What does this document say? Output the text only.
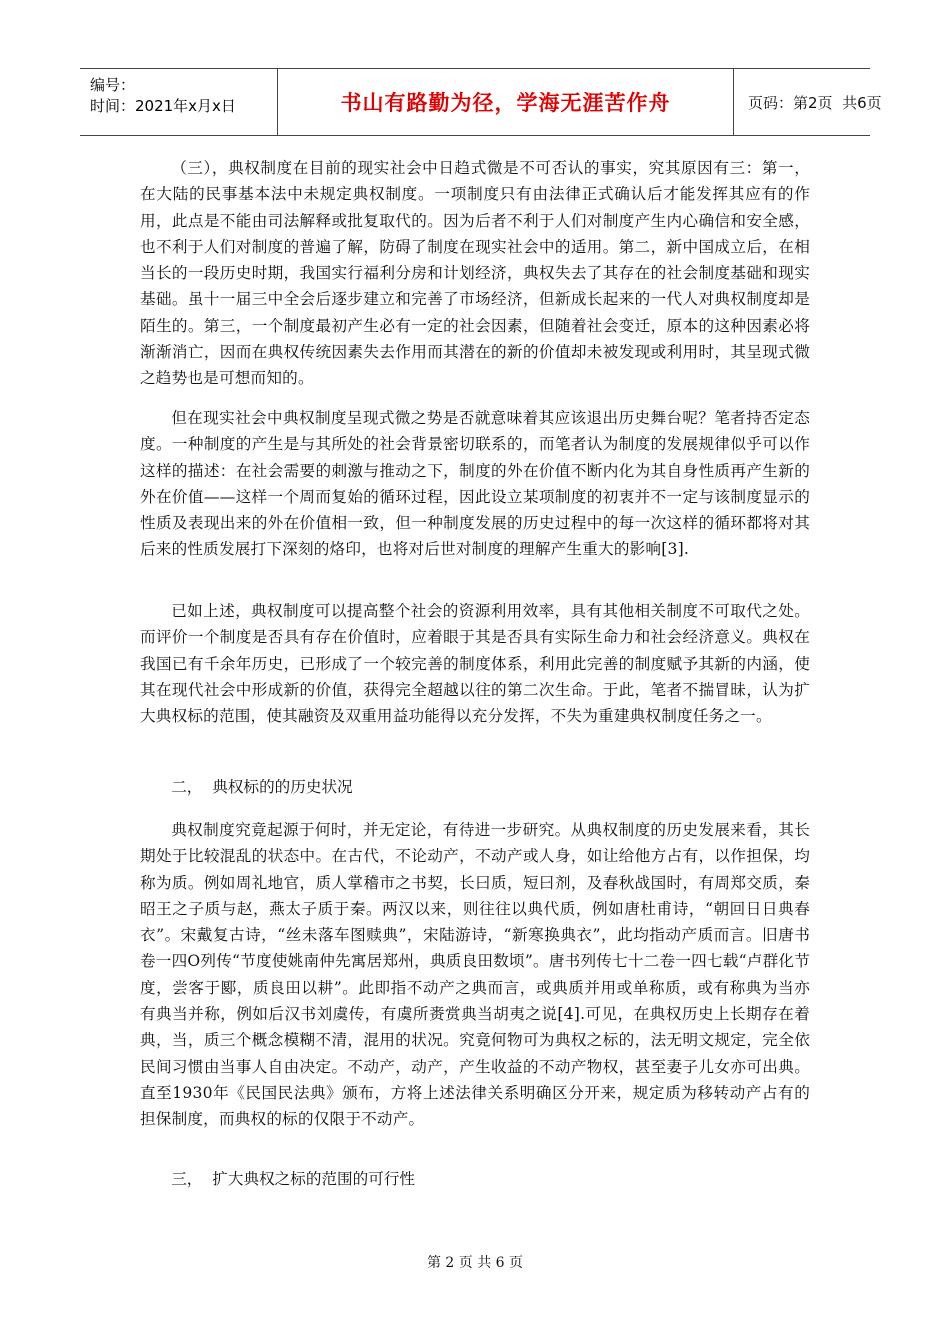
编号：
时间：2021年x月x日	书山有路勤为径，学海无涯苦作舟	页码：第2页  共6页

（三），典权制度在目前的现实社会中日趋式微是不可否认的事实，究其原因有三：第一，在大陆的民事基本法中未规定典权制度。一项制度只有由法律正式确认后才能发挥其应有的作用，此点是不能由司法解释或批复取代的。因为后者不利于人们对制度产生内心确信和安全感，也不利于人们对制度的普遍了解，防碍了制度在现实社会中的适用。第二，新中国成立后，在相当长的一段历史时期，我国实行福利分房和计划经济，典权失去了其存在的社会制度基础和现实基础。虽十一届三中全会后逐步建立和完善了市场经济，但新成长起来的一代人对典权制度却是陌生的。第三，一个制度最初产生必有一定的社会因素，但随着社会变迁，原本的这种因素必将渐渐消亡，因而在典权传统因素失去作用而其潜在的新的价值却未被发现或利用时，其呈现式微之趋势也是可想而知的。

但在现实社会中典权制度呈现式微之势是否就意味着其应该退出历史舞台呢？笔者持否定态度。一种制度的产生是与其所处的社会背景密切联系的，而笔者认为制度的发展规律似乎可以作这样的描述：在社会需要的刺激与推动之下，制度的外在价值不断内化为其自身性质再产生新的外在价值——这样一个周而复始的循环过程，因此设立某项制度的初衷并不一定与该制度显示的性质及表现出来的外在价值相一致，但一种制度发展的历史过程中的每一次这样的循环都将对其后来的性质发展打下深刻的烙印，也将对后世对制度的理解产生重大的影响[3].

已如上述，典权制度可以提高整个社会的资源利用效率，具有其他相关制度不可取代之处。而评价一个制度是否具有存在价值时，应着眼于其是否具有实际生命力和社会经济意义。典权在我国已有千余年历史，已形成了一个较完善的制度体系，利用此完善的制度赋予其新的内涵，使其在现代社会中形成新的价值，获得完全超越以往的第二次生命。于此，笔者不揣冒昧，认为扩大典权标的范围，使其融资及双重用益功能得以充分发挥，不失为重建典权制度任务之一。

二，  典权标的的历史状况

典权制度究竟起源于何时，并无定论，有待进一步研究。从典权制度的历史发展来看，其长期处于比较混乱的状态中。在古代，不论动产，不动产或人身，如让给他方占有，以作担保，均称为质。例如周礼地官，质人掌稽市之书契，长曰质，短曰剂，及春秋战国时，有周郑交质，秦昭王之子质与赵，燕太子质于秦。两汉以来，则往往以典代质，例如唐杜甫诗，“朝回日日典春衣”。宋戴复古诗，“丝未落车图赎典”，宋陆游诗，“新寒换典衣”，此均指动产质而言。旧唐书卷一四O列传“节度使姚南仲先寓居郑州，典质良田数顷”。唐书列传七十二卷一四七载“卢群化节度，尝客于郾，质良田以耕”。此即指不动产之典而言，或典质并用或单称质，或有称典为当亦有典当并称，例如后汉书刘虞传，有虞所赉赏典当胡夷之说[4].可见，在典权历史上长期存在着典，当，质三个概念模糊不清，混用的状况。究竟何物可为典权之标的，法无明文规定，完全依民间习惯由当事人自由决定。不动产，动产，产生收益的不动产物权，甚至妻子儿女亦可出典。直至1930年《民国民法典》颁布，方将上述法律关系明确区分开来，规定质为移转动产占有的担保制度，而典权的标的仅限于不动产。

三，  扩大典权之标的范围的可行性
第 2 页 共 6 页
